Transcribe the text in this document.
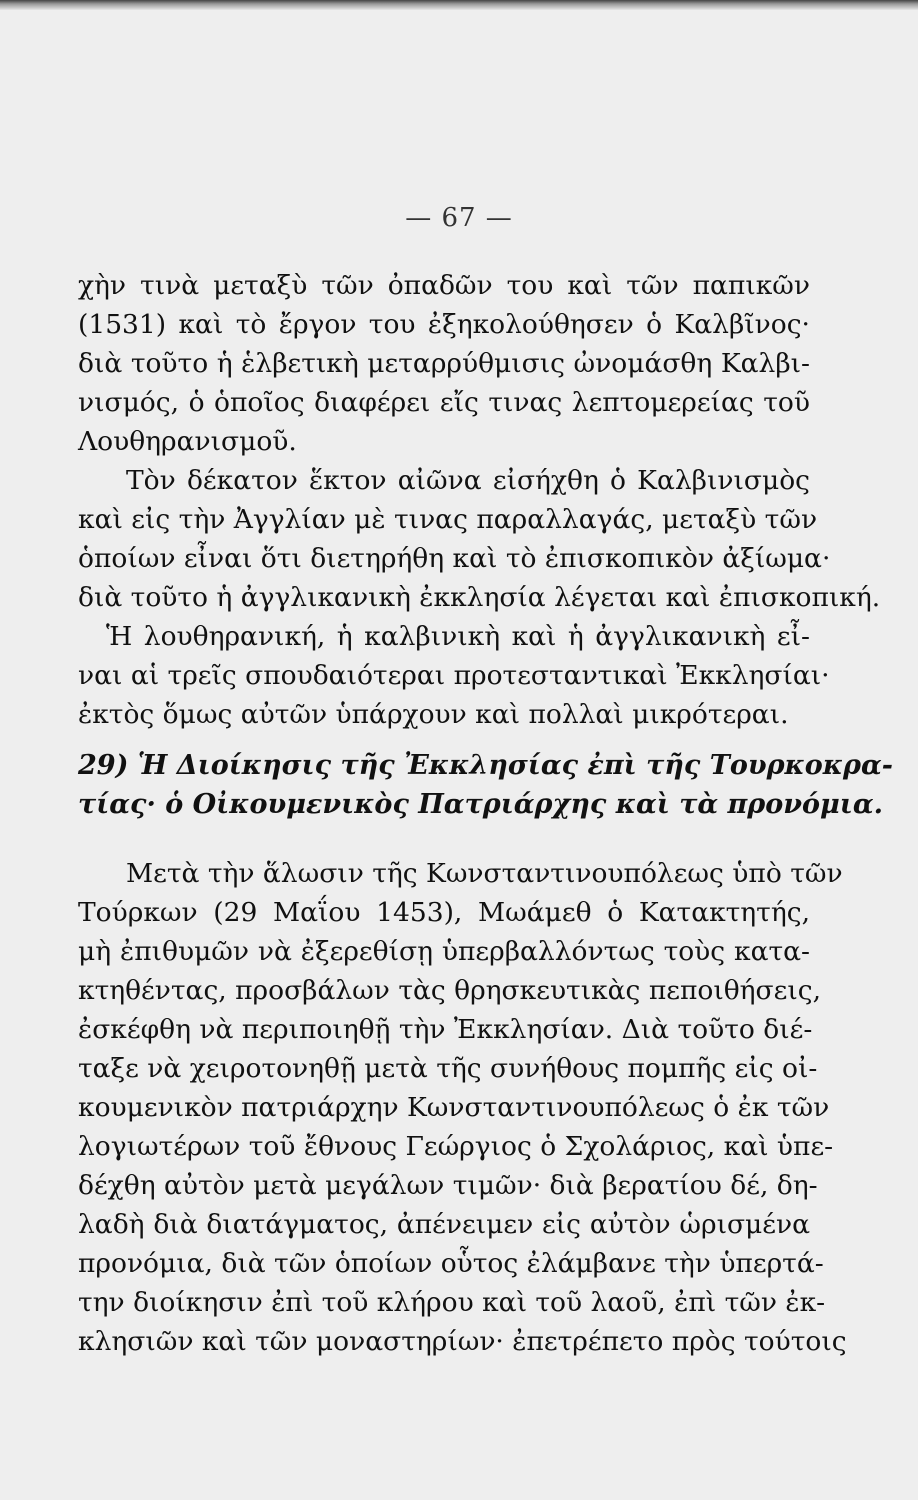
— 67 —
χὴν τινὰ μεταξὺ τῶν ὀπαδῶν του καὶ τῶν παπικῶν
(1531) καὶ τὸ ἔργον του ἐξηκολούθησεν ὁ Καλβῖνος·
διὰ τοῦτο ἡ ἑλβετικὴ μεταρρύθμισις ὠνομάσθη Καλβι-
νισμός, ὁ ὁποῖος διαφέρει εἴς τινας λεπτομερείας τοῦ
Λουθηρανισμοῦ.
Τὸν δέκατον ἕκτον αἰῶνα εἰσήχθη ὁ Καλβινισμὸς
καὶ εἰς τὴν Ἀγγλίαν μὲ τινας παραλλαγάς, μεταξὺ τῶν
ὁποίων εἶναι ὅτι διετηρήθη καὶ τὸ ἐπισκοπικὸν ἀξίωμα·
διὰ τοῦτο ἡ ἀγγλικανικὴ ἐκκλησία λέγεται καὶ ἐπισκοπική.
Ἡ λουθηρανική, ἡ καλβινικὴ καὶ ἡ ἀγγλικανικὴ εἶ-
ναι αἱ τρεῖς σπουδαιότεραι προτεσταντικαὶ Ἐκκλησίαι·
ἐκτὸς ὅμως αὐτῶν ὑπάρχουν καὶ πολλαὶ μικρότεραι.
29) Ἡ Διοίκησις τῆς Ἐκκλησίας ἐπὶ τῆς Τουρκοκρα-
τίας· ὁ Οἰκουμενικὸς Πατριάρχης καὶ τὰ προνόμια.
Μετὰ τὴν ἅλωσιν τῆς Κωνσταντινουπόλεως ὑπὸ τῶν
Τούρκων (29 Μαΐου 1453), Μωάμεθ ὁ Κατακτητής,
μὴ ἐπιθυμῶν νὰ ἐξερεθίσῃ ὑπερβαλλόντως τοὺς κατα-
κτηθέντας, προσβάλων τὰς θρησκευτικὰς πεποιθήσεις,
ἐσκέφθη νὰ περιποιηθῇ τὴν Ἐκκλησίαν. Διὰ τοῦτο διέ-
ταξε νὰ χειροτονηθῇ μετὰ τῆς συνήθους πομπῆς εἰς οἰ-
κουμενικὸν πατριάρχην Κωνσταντινουπόλεως ὁ ἐκ τῶν
λογιωτέρων τοῦ ἔθνους Γεώργιος ὁ Σχολάριος, καὶ ὑπε-
δέχθη αὐτὸν μετὰ μεγάλων τιμῶν· διὰ βερατίου δέ, δη-
λαδὴ διὰ διατάγματος, ἀπένειμεν εἰς αὐτὸν ὡρισμένα
προνόμια, διὰ τῶν ὁποίων οὗτος ἐλάμβανε τὴν ὑπερτά-
την διοίκησιν ἐπὶ τοῦ κλήρου καὶ τοῦ λαοῦ, ἐπὶ τῶν ἐκ-
κλησιῶν καὶ τῶν μοναστηρίων· ἐπετρέπετο πρὸς τούτοις
